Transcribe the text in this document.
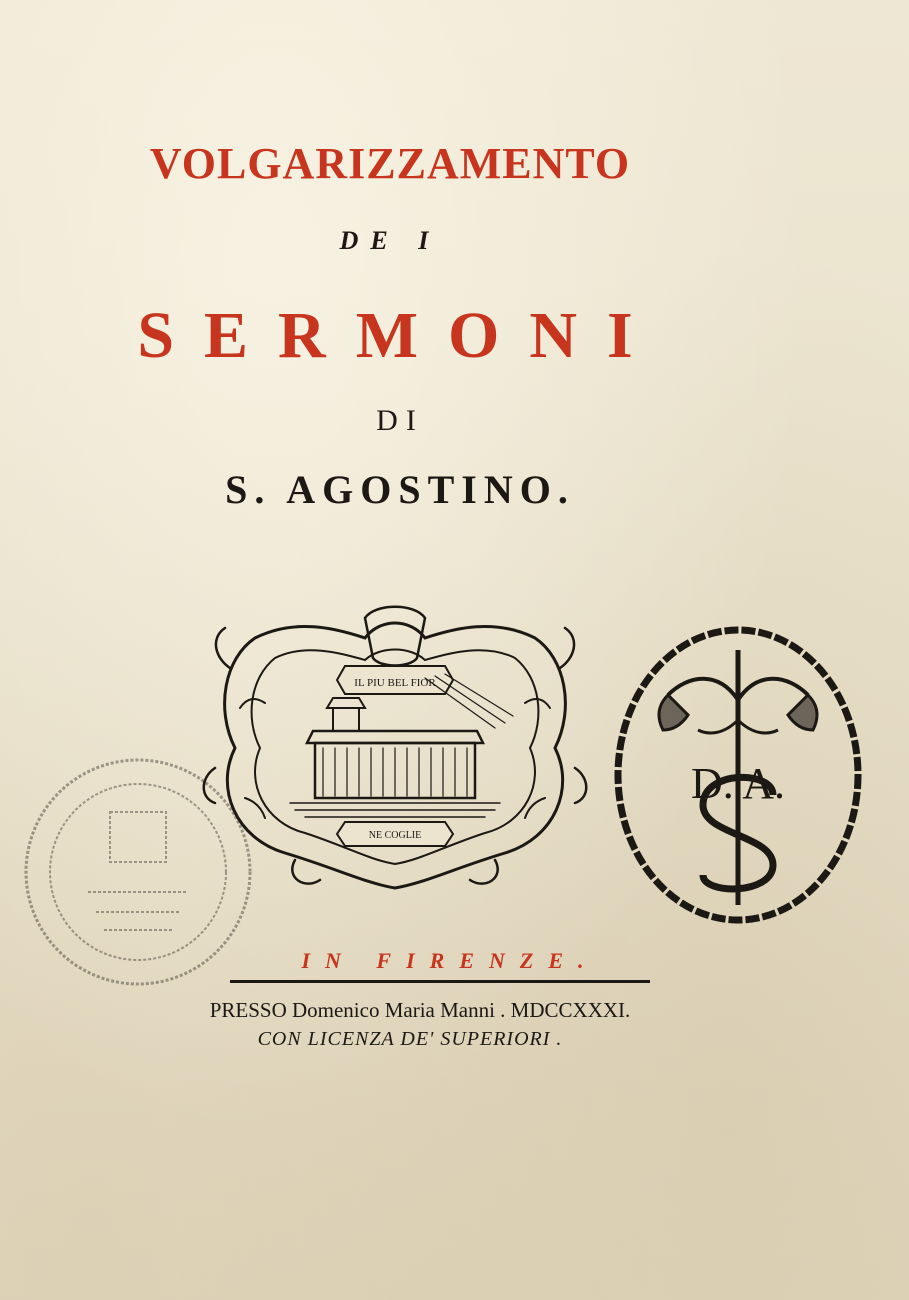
VOLGARIZZAMENTO
DE I
SERMONI
DI
S. AGOSTINO.
IL PIU BEL FIOR
NE COGLIE
D. A.
IN FIRENZE.
PRESSO Domenico Maria Manni . MDCCXXXI.
CON LICENZA DE' SUPERIORI .
